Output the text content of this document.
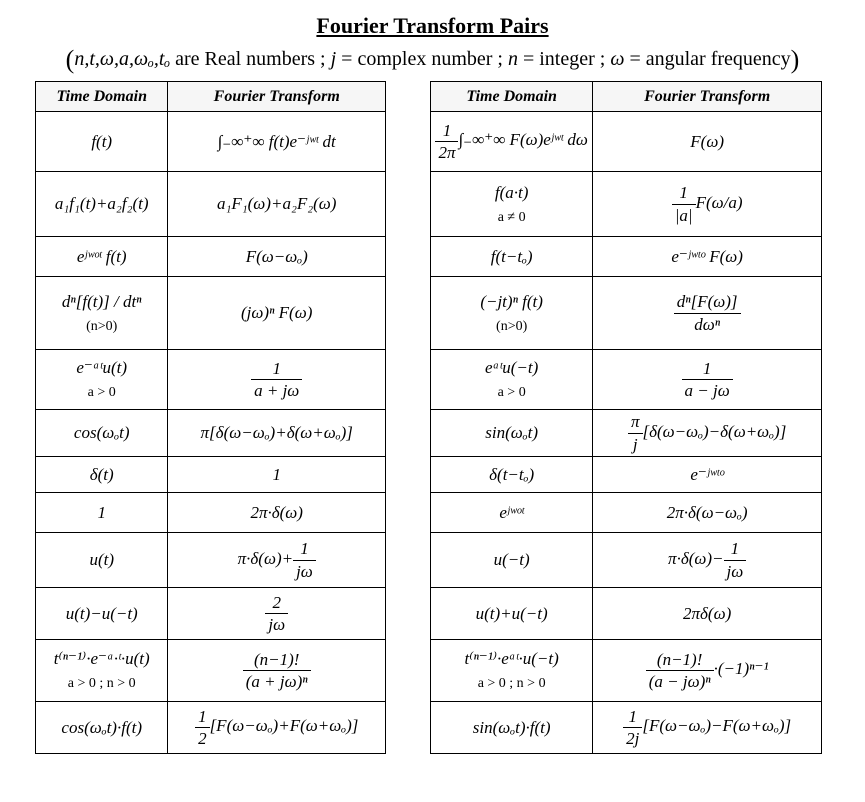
Fourier Transform Pairs
(n,t,ω,a,ωₒ,tₒ are Real numbers ; j = complex number ; n = integer ; ω = angular frequency)
Time Domain	Fourier Transform

f(t)	∫₋∞⁺∞ f(t)e⁻ʲʷᵗ dt

a₁f₁(t)+a₂f₂(t)	a₁F₁(ω)+a₂F₂(ω)

eʲʷᵒᵗ f(t)	F(ω−ωₒ)

dⁿ[f(t)] / dtⁿ
(n>0)	(jω)ⁿ F(ω)

e⁻ᵃᵗu(t)
a > 0	$\frac{1}{a + j\omega}$

cos(ωₒt)	π[δ(ω−ωₒ)+δ(ω+ωₒ)]

δ(t)	1

1	2π·δ(ω)

u(t)	$\pi\cdot\delta(\omega)+ \frac{1}{j\omega}$

u(t)−u(−t)	$\frac{2}{j\omega}$

t⁽ⁿ⁻¹⁾·e⁻ᵃ·ᵗ·u(t)
a > 0 ; n > 0	$\frac{(n-1)!}{\text{(a + jω)ⁿ}}$

cos(ωₒt)·f(t)	$\frac{1}{2} [F(\omega-\omega_o)+F(\omega+\omega_o)]$
Time Domain	Fourier Transform

$\frac{1}{2\pi}$ ∫₋∞⁺∞ F(ω)eʲʷᵗ dω	F(ω)

f(a·t)
a ≠ 0	$\frac{1}{|a|} F(\omega/a)$

f(t−tₒ)	e⁻ʲʷᵗᵒ F(ω)

(−jt)ⁿ f(t)
(n>0)	$\frac{\text{dⁿ[F(ω)]}}{\text{dωⁿ}}$

eᵃᵗu(−t)
a > 0	$\frac{1}{a - j\omega}$

sin(ωₒt)	$\frac{\pi}{j} [\delta(\omega-\omega_o)-\delta(\omega+\omega_o)]$

δ(t−tₒ)	e⁻ʲʷᵗᵒ

eʲʷᵒᵗ	2π·δ(ω−ωₒ)

u(−t)	$\pi\cdot\delta(\omega)- \frac{1}{j\omega}$

u(t)+u(−t)	2πδ(ω)

t⁽ⁿ⁻¹⁾·eᵃᵗ·u(−t)
a > 0 ; n > 0	$\frac{(n-1)!}{\text{(a − jω)ⁿ}} \cdot(-1)^{n-1}$

sin(ωₒt)·f(t)	$\frac{1}{2j} [F(\omega-\omega_o)-F(\omega+\omega_o)]$
